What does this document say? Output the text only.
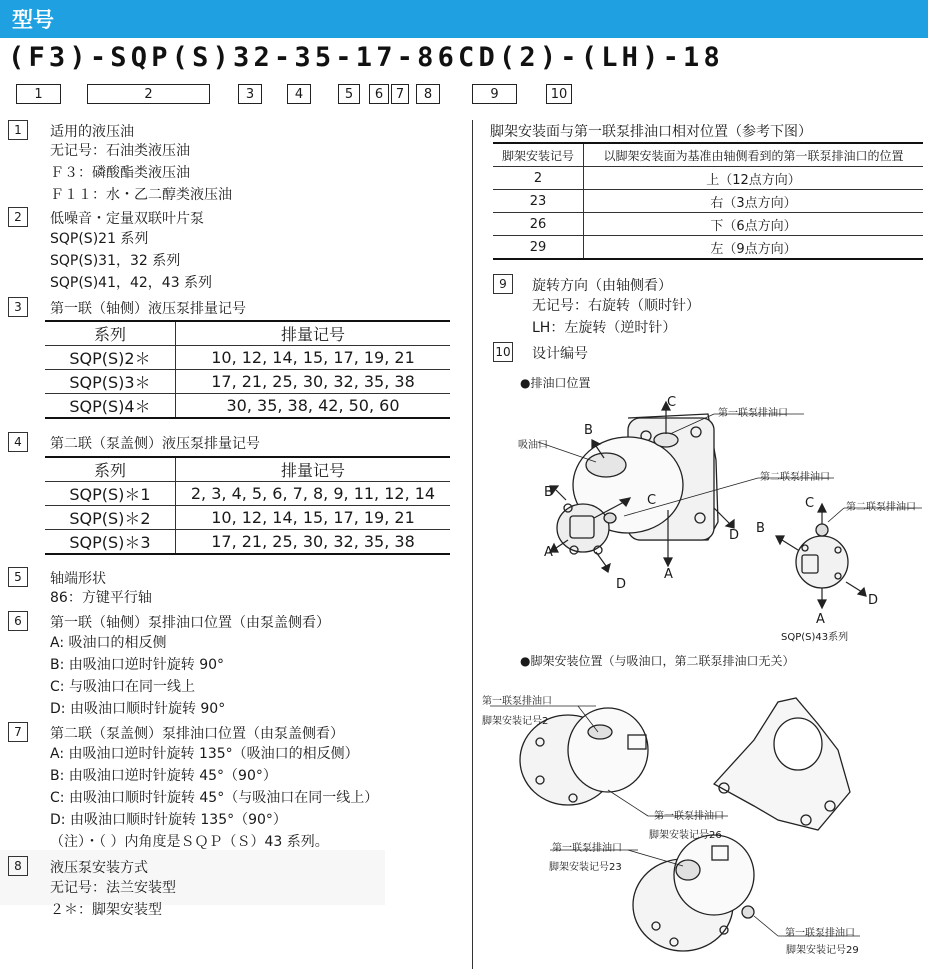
型号
(F3)-SQP(S)32-35-17-86CD(2)-(LH)-18
1	2	3	4	5	6 7	8	9	10
1	适用的液压油
无记号：石油类液压油
Ｆ３：磷酸酯类液压油
Ｆ１１：水・乙二醇类液压油
2	低噪音・定量双联叶片泵
SQP(S)21 系列
SQP(S)31，32 系列
SQP(S)41，42，43 系列
3	第一联（轴侧）液压泵排量记号
系列	排量记号
SQP(S)2＊	10, 12, 14, 15, 17, 19, 21
SQP(S)3＊	17, 21, 25, 30, 32, 35, 38
SQP(S)4＊	30, 35, 38, 42, 50, 60
4	第二联（泵盖侧）液压泵排量记号
系列	排量记号
SQP(S)＊1	2, 3, 4, 5, 6, 7, 8, 9, 11, 12, 14
SQP(S)＊2	10, 12, 14, 15, 17, 19, 21
SQP(S)＊3	17, 21, 25, 30, 32, 35, 38
5	轴端形状
86：方键平行轴
6	第一联（轴侧）泵排油口位置（由泵盖侧看）
A: 吸油口的相反侧
B: 由吸油口逆时针旋转 90°
C: 与吸油口在同一线上
D: 由吸油口顺时针旋转 90°
7	第二联（泵盖侧）泵排油口位置（由泵盖侧看）
A: 由吸油口逆时针旋转 135°（吸油口的相反侧）
B: 由吸油口逆时针旋转 45°（90°）
C: 由吸油口顺时针旋转 45°（与吸油口在同一线上）
D: 由吸油口顺时针旋转 135°（90°）
（注）・（ ）内角度是ＳＱＰ（Ｓ）43 系列。
8	液压泵安装方式
无记号：法兰安装型
２＊：脚架安装型
脚架安装面与第一联泵排油口相对位置（参考下图）
脚架安装记号	以脚架安装面为基准由轴侧看到的第一联泵排油口的位置
2	上（12点方向）
23	右（3点方向）
26	下（6点方向）
29	左（9点方向）
9	旋转方向（由轴侧看）
无记号：右旋转（顺时针）
LH：左旋转（逆时针）
10 设计编号
●排油口位置
吸油口
第一联泵排油口
第二联泵排油口
第二联泵排油口
SQP(S)43系列
C
B
B
C
D
A
A
D
C
B
D
A
●脚架安装位置（与吸油口，第二联泵排油口无关）
第一联泵排油口
脚架安装记号2
第一联泵排油口
脚架安装记号26
第一联泵排油口
脚架安装记号23
第一联泵排油口
脚架安装记号29
